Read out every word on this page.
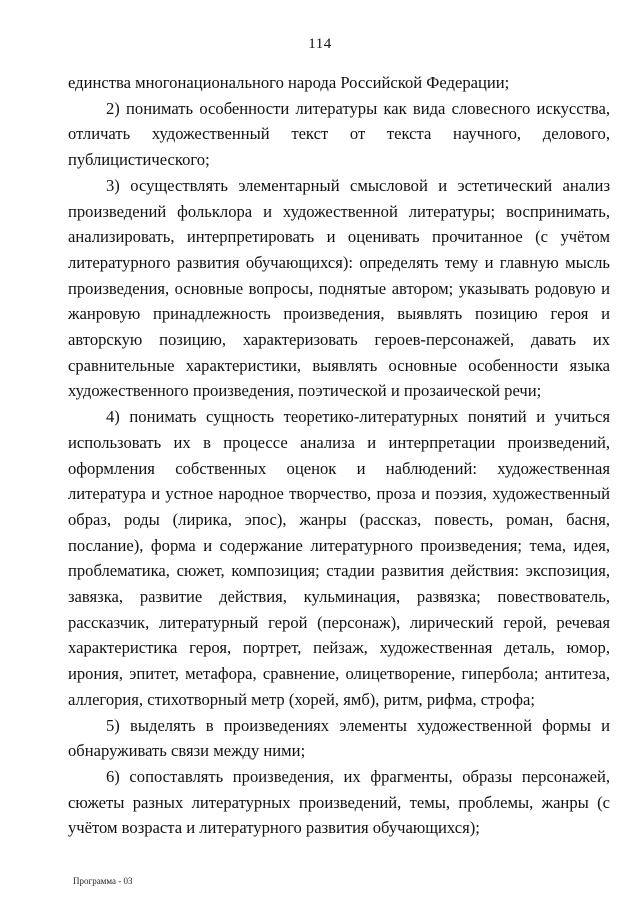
114

единства многонационального народа Российской Федерации;

2) понимать особенности литературы как вида словесного искусства, отличать художественный текст от текста научного, делового, публицистического;

3) осуществлять элементарный смысловой и эстетический анализ произведений фольклора и художественной литературы; воспринимать, анализировать, интерпретировать и оценивать прочитанное (с учётом литературного развития обучающихся): определять тему и главную мысль произведения, основные вопросы, поднятые автором; указывать родовую и жанровую принадлежность произведения, выявлять позицию героя и авторскую позицию, характеризовать героев-персонажей, давать их сравнительные характеристики, выявлять основные особенности языка художественного произведения, поэтической и прозаической речи;

4) понимать сущность теоретико-литературных понятий и учиться использовать их в процессе анализа и интерпретации произведений, оформления собственных оценок и наблюдений: художественная литература и устное народное творчество, проза и поэзия, художественный образ, роды (лирика, эпос), жанры (рассказ, повесть, роман, басня, послание), форма и содержание литературного произведения; тема, идея, проблематика, сюжет, композиция; стадии развития действия: экспозиция, завязка, развитие действия, кульминация, развязка; повествователь, рассказчик, литературный герой (персонаж), лирический герой, речевая характеристика героя, портрет, пейзаж, художественная деталь, юмор, ирония, эпитет, метафора, сравнение, олицетворение, гипербола; антитеза, аллегория, стихотворный метр (хорей, ямб), ритм, рифма, строфа;

5) выделять в произведениях элементы художественной формы и обнаруживать связи между ними;

6) сопоставлять произведения, их фрагменты, образы персонажей, сюжеты разных литературных произведений, темы, проблемы, жанры (с учётом возраста и литературного развития обучающихся);

Программа - 03
